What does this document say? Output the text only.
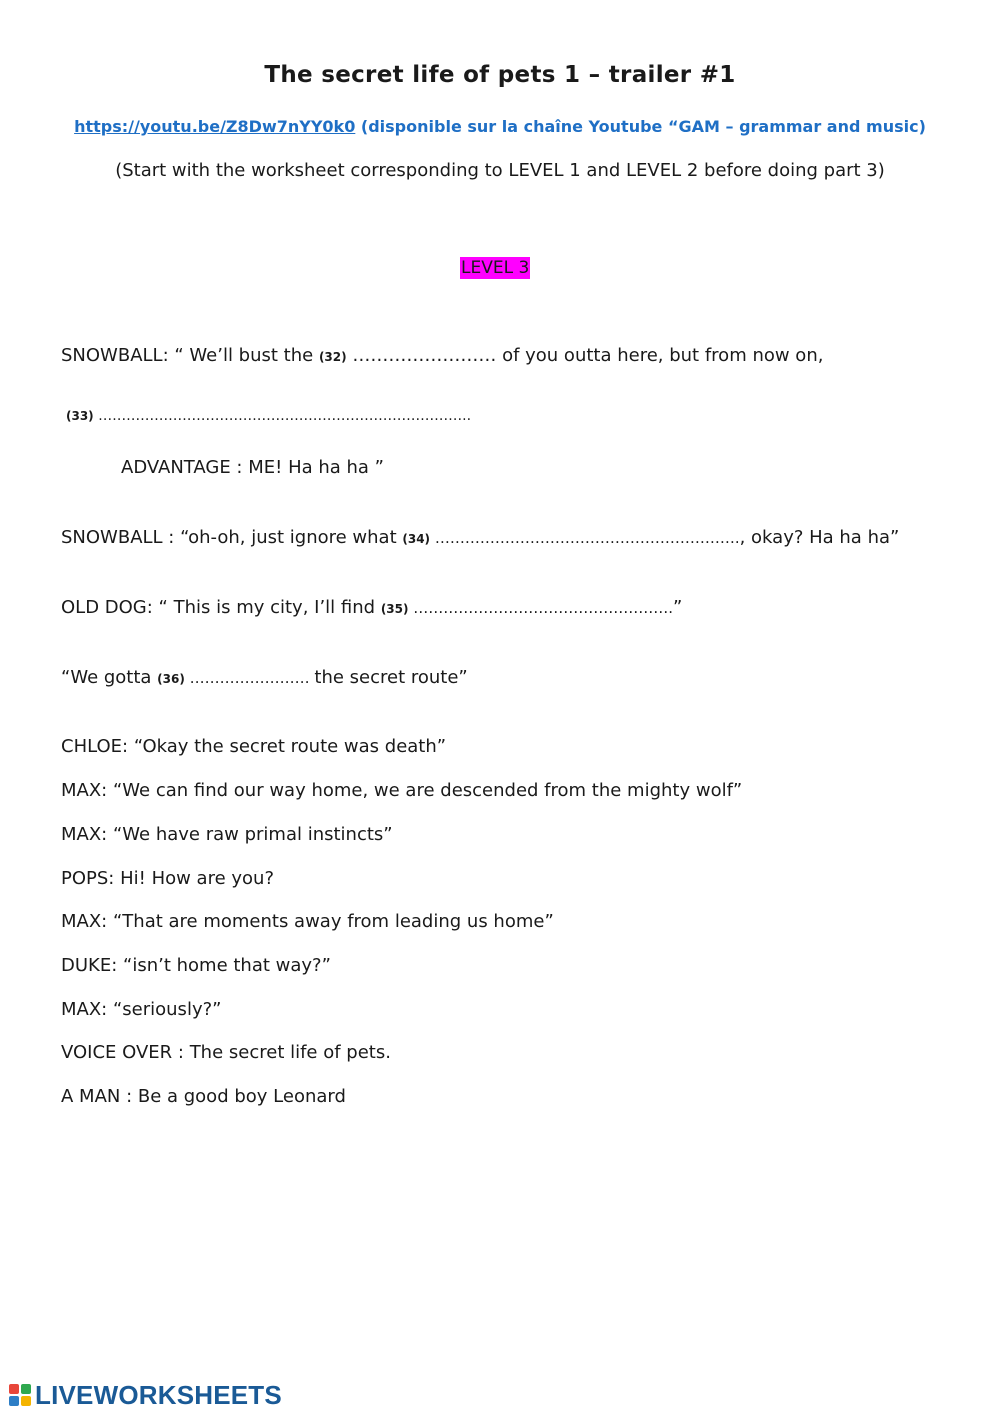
The secret life of pets 1 – trailer #1
https://youtu.be/Z8Dw7nYY0k0 (disponible sur la chaîne Youtube “GAM – grammar and music)
(Start with the worksheet corresponding to LEVEL 1 and LEVEL 2 before doing part 3)
LEVEL 3
SNOWBALL: “ We’ll bust the (32) …………………… of you outta here, but from now on,
(33) ……………………………………………………………………..
ADVANTAGE : ME! Ha ha ha ”
SNOWBALL : “oh-oh, just ignore what (34) ……………………………………………………., okay? Ha ha ha”
OLD DOG: “ This is my city, I’ll find (35) …………………………………………….”
“We gotta (36) …………………… the secret route”
CHLOE: “Okay the secret route was death”
MAX: “We can find our way home, we are descended from the mighty wolf”
MAX: “We have raw primal instincts”
POPS: Hi! How are you?
MAX: “That are moments away from leading us home”
DUKE: “isn’t home that way?”
MAX: “seriously?”
VOICE OVER : The secret life of pets.
A MAN : Be a good boy Leonard
LIVEWORKSHEETS
